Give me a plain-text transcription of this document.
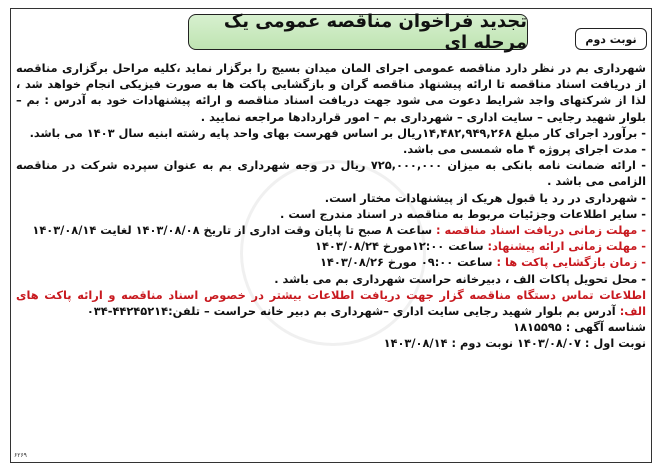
تجدید فراخوان مناقصه عمومی یک مرحله ای	نوبت دوم

شهرداری بم در نظر دارد مناقصه عمومی اجرای المان میدان بسیج را برگزار نماید ،کلیه مراحل برگزاری مناقصه از دریافت اسناد مناقصه تا ارائه پیشنهاد مناقصه گران و بازگشایی پاکت ها به صورت فیزیکی انجام خواهد شد ، لذا از شرکتهای واجد شرایط دعوت می شود جهت دریافت اسناد مناقصه و ارائه پیشنهادات خود به آدرس : بم – بلوار شهید رجایی – سایت اداری – شهرداری بم – امور قراردادها مراجعه نمایید .

- برآورد اجرای کار مبلغ ۱۴,۴۸۲,۹۴۹,۲۶۸ریال بر اساس فهرست بهای واحد پایه رشته ابنیه سال ۱۴۰۳ می باشد.

- مدت اجرای پروژه ۴ ماه شمسی می باشد.

- ارائه ضمانت نامه بانکی به میزان ۷۲۵,۰۰۰,۰۰۰ ریال در وجه شهرداری بم به عنوان سپرده شرکت در مناقصه الزامی می باشد .

- شهرداری در رد یا قبول هریک از پیشنهادات مختار است.

- سایر اطلاعات وجزئیات مربوط به مناقصه در اسناد مندرج است .

- مهلت زمانی دریافت اسناد مناقصه : ساعت ۸ صبح تا پایان وقت اداری از تاریخ ۱۴۰۳/۰۸/۰۸ لغایت ۱۴۰۳/۰۸/۱۴

- مهلت زمانی ارائه پیشنهاد: ساعت ۱۲:۰۰مورخ ۱۴۰۳/۰۸/۲۴

- زمان بازگشایی پاکت ها : ساعت ۰۹:۰۰ مورخ ۱۴۰۳/۰۸/۲۶

- محل تحویل پاکات الف ، دبیرخانه حراست شهرداری بم می باشد .

اطلاعات تماس دستگاه مناقصه گزار جهت دریافت اطلاعات بیشتر در خصوص اسناد مناقصه و ارائه پاکت های الف: آدرس بم بلوار شهید رجایی سایت اداری –شهرداری بم دبیر خانه حراست – تلفن:۴۴۲۴۵۲۱۴-۰۳۴

شناسه آگهی : ۱۸۱۵۵۹۵

نوبت اول : ۱۴۰۳/۰۸/۰۷ نوبت دوم : ۱۴۰۳/۰۸/۱۴

۶۲۶۹
